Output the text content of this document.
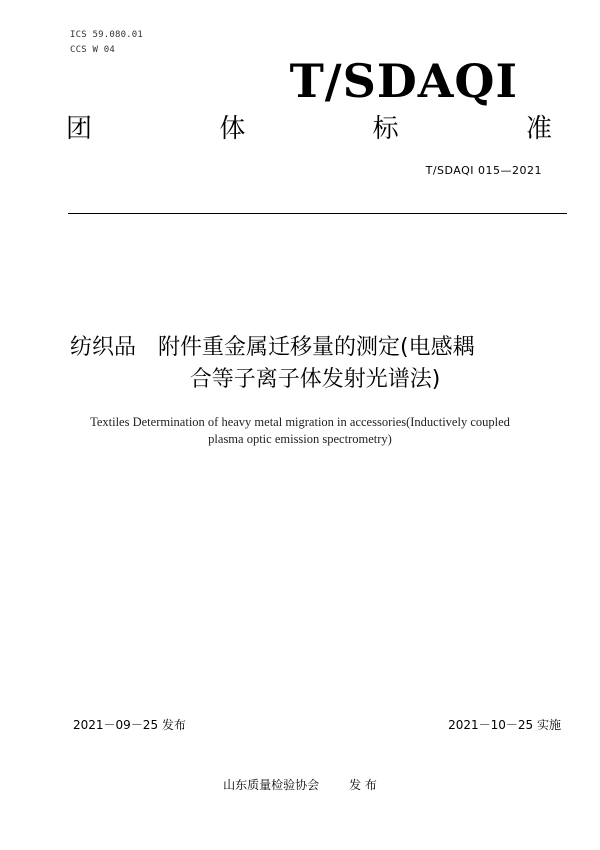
ICS 59.080.01
CCS W 04
T/SDAQI
团	体	标	准
T/SDAQI 015—2021
纺织品　附件重金属迁移量的测定(电感耦
合等子离子体发射光谱法)
Textiles Determination of heavy metal migration in accessories(Inductively coupled
plasma optic emission spectrometry)
2021－09－25 发布	2021－10－25 实施
山东质量检验协会	发 布
